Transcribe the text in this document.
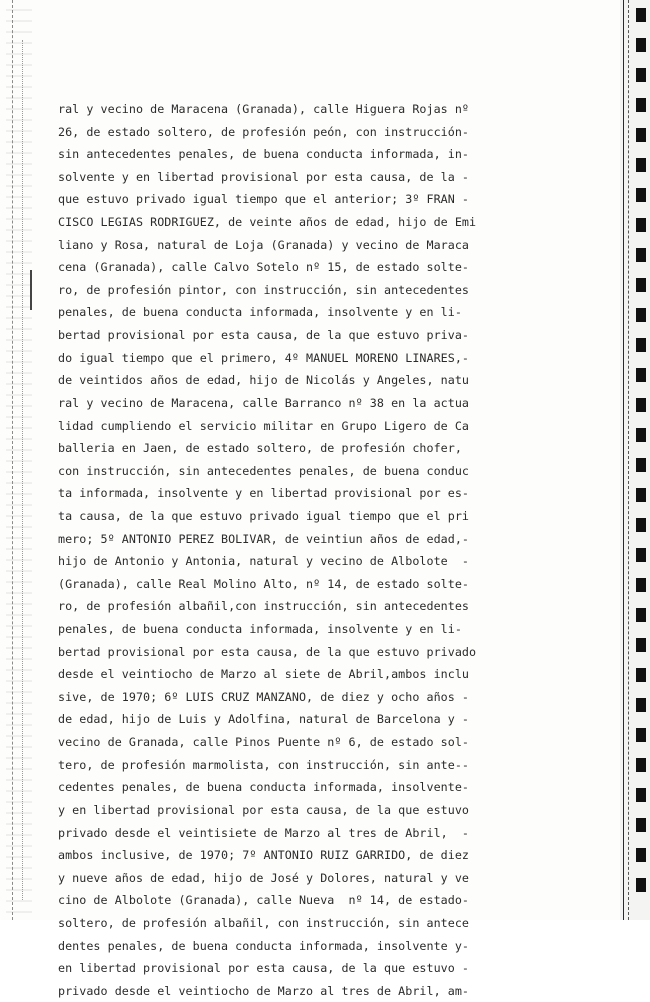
ral y vecino de Maracena (Granada), calle Higuera Rojas nº
26, de estado soltero, de profesión peón, con instrucción-
sin antecedentes penales, de buena conducta informada, in-
solvente y en libertad provisional por esta causa, de la -
que estuvo privado igual tiempo que el anterior; 3º FRAN -
CISCO LEGIAS RODRIGUEZ, de veinte años de edad, hijo de Emi
liano y Rosa, natural de Loja (Granada) y vecino de Maraca
cena (Granada), calle Calvo Sotelo nº 15, de estado solte-
ro, de profesión pintor, con instrucción, sin antecedentes
penales, de buena conducta informada, insolvente y en li-
bertad provisional por esta causa, de la que estuvo priva-
do igual tiempo que el primero, 4º MANUEL MORENO LINARES,-
de veintidos años de edad, hijo de Nicolás y Angeles, natu
ral y vecino de Maracena, calle Barranco nº 38 en la actua
lidad cumpliendo el servicio militar en Grupo Ligero de Ca
balleria en Jaen, de estado soltero, de profesión chofer,
con instrucción, sin antecedentes penales, de buena conduc
ta informada, insolvente y en libertad provisional por es-
ta causa, de la que estuvo privado igual tiempo que el pri
mero; 5º ANTONIO PEREZ BOLIVAR, de veintiun años de edad,-
hijo de Antonio y Antonia, natural y vecino de Albolote  -
(Granada), calle Real Molino Alto, nº 14, de estado solte-
ro, de profesión albañil,con instrucción, sin antecedentes
penales, de buena conducta informada, insolvente y en li-
bertad provisional por esta causa, de la que estuvo privado
desde el veintiocho de Marzo al siete de Abril,ambos inclu
sive, de 1970; 6º LUIS CRUZ MANZANO, de diez y ocho años -
de edad, hijo de Luis y Adolfina, natural de Barcelona y -
vecino de Granada, calle Pinos Puente nº 6, de estado sol-
tero, de profesión marmolista, con instrucción, sin ante--
cedentes penales, de buena conducta informada, insolvente-
y en libertad provisional por esta causa, de la que estuvo
privado desde el veintisiete de Marzo al tres de Abril,  -
ambos inclusive, de 1970; 7º ANTONIO RUIZ GARRIDO, de diez
y nueve años de edad, hijo de José y Dolores, natural y ve
cino de Albolote (Granada), calle Nueva  nº 14, de estado-
soltero, de profesión albañil, con instrucción, sin antece
dentes penales, de buena conducta informada, insolvente y-
en libertad provisional por esta causa, de la que estuvo -
privado desde el veintiocho de Marzo al tres de Abril, am-
